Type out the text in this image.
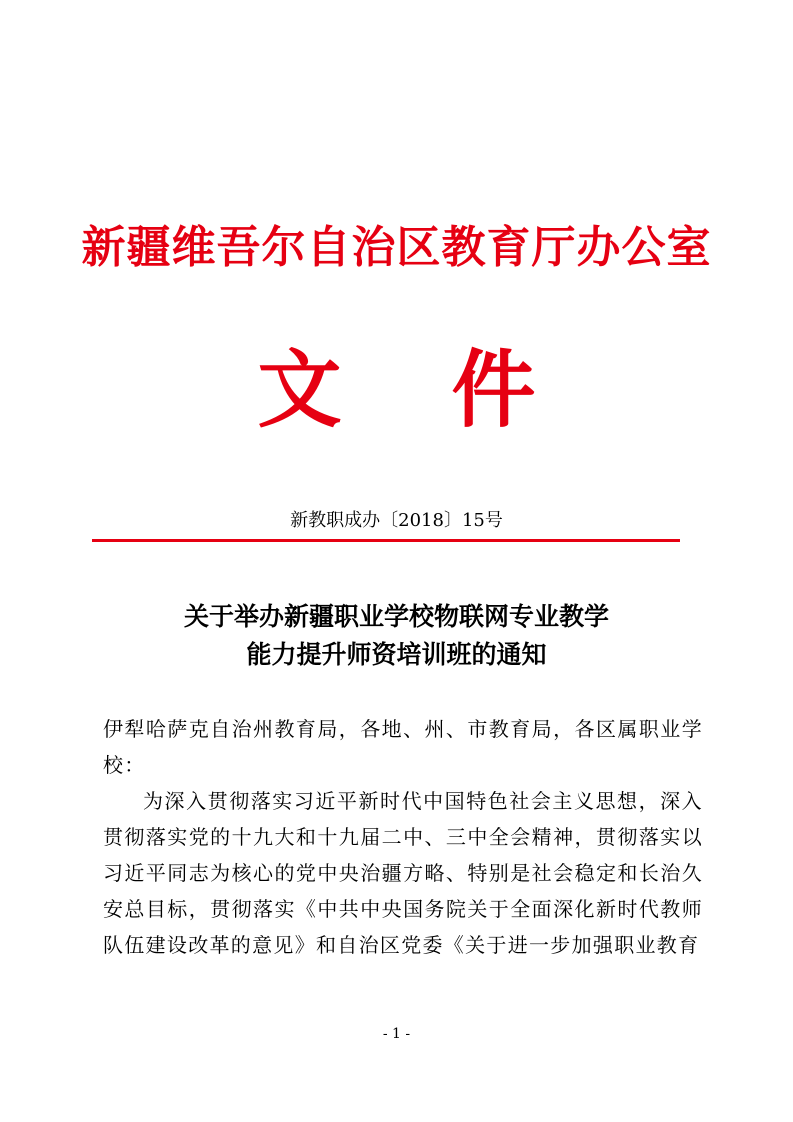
新疆维吾尔自治区教育厅办公室
文 件
新教职成办〔2018〕15号
关于举办新疆职业学校物联网专业教学
能力提升师资培训班的通知

伊犁哈萨克自治州教育局，各地、州、市教育局，各区属职业学校：

为深入贯彻落实习近平新时代中国特色社会主义思想，深入贯彻落实党的十九大和十九届二中、三中全会精神，贯彻落实以习近平同志为核心的党中央治疆方略、特别是社会稳定和长治久安总目标，贯彻落实《中共中央国务院关于全面深化新时代教师队伍建设改革的意见》和自治区党委《关于进一步加强职业教育

- 1 -
